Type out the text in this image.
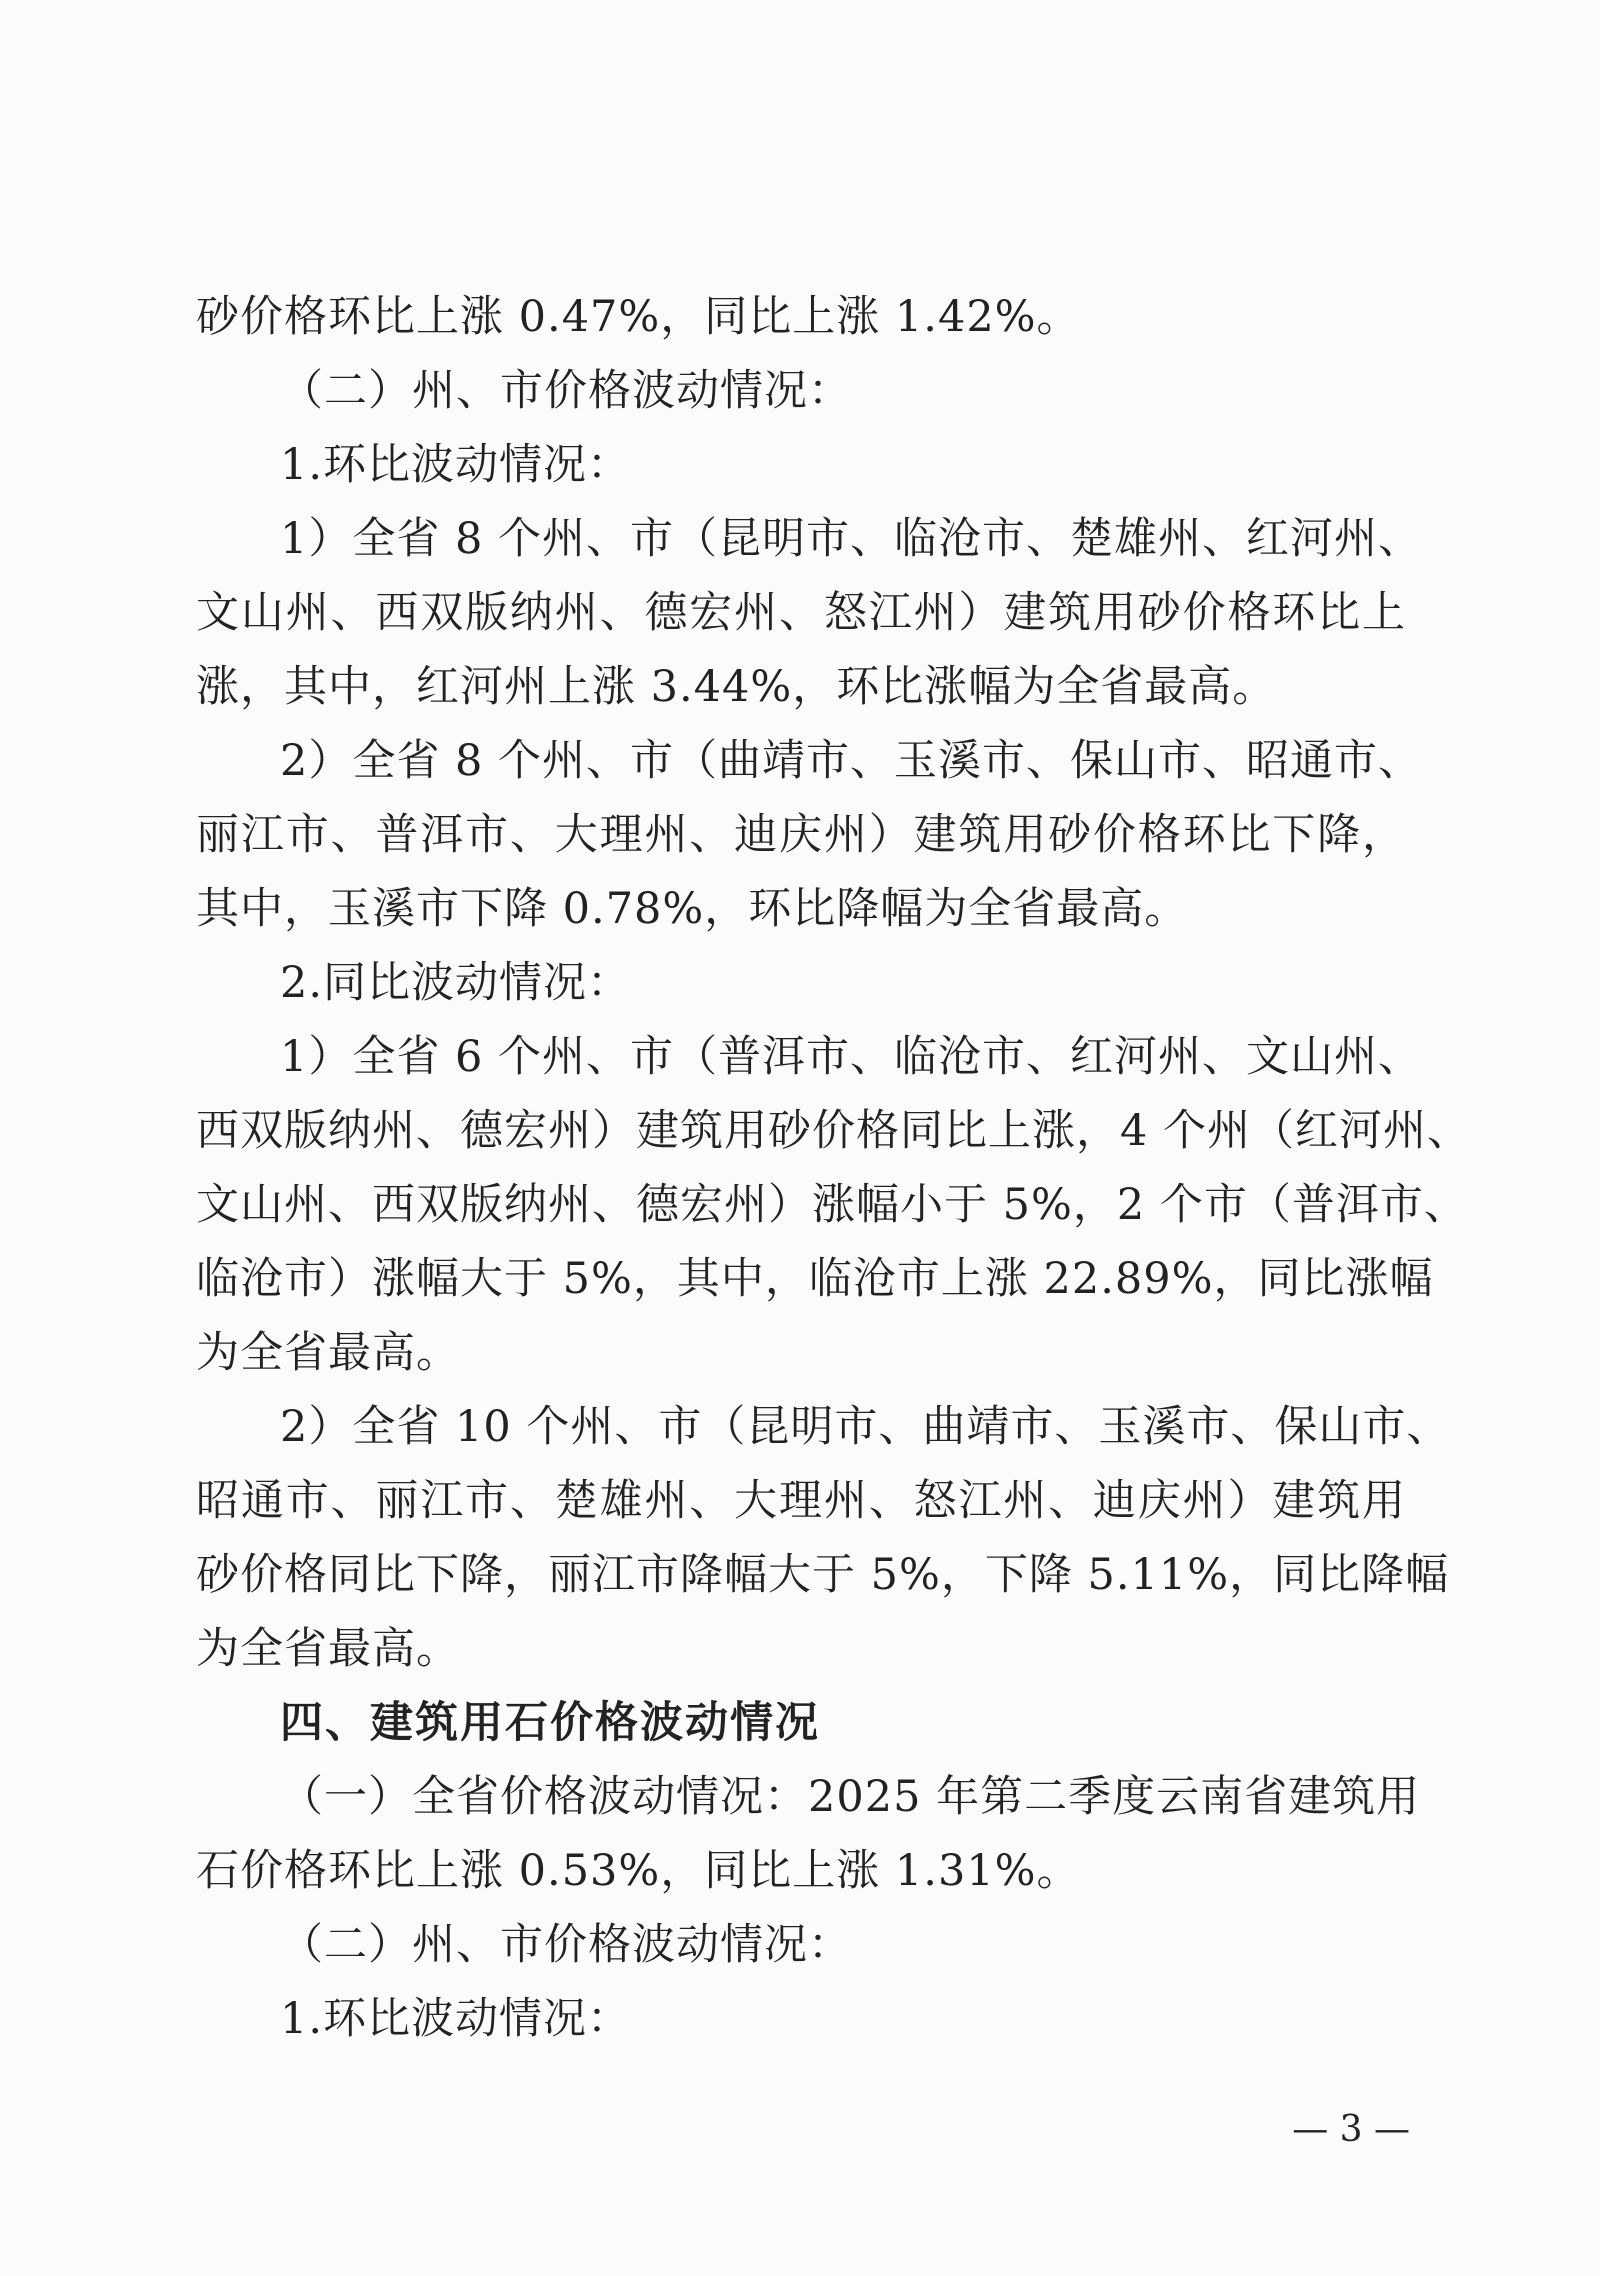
砂价格环比上涨 0.47%，同比上涨 1.42%。
（二）州、市价格波动情况：
1.环比波动情况：
1）全省 8 个州、市（昆明市、临沧市、楚雄州、红河州、
文山州、西双版纳州、德宏州、怒江州）建筑用砂价格环比上
涨，其中，红河州上涨 3.44%，环比涨幅为全省最高。
2）全省 8 个州、市（曲靖市、玉溪市、保山市、昭通市、
丽江市、普洱市、大理州、迪庆州）建筑用砂价格环比下降，
其中，玉溪市下降 0.78%，环比降幅为全省最高。
2.同比波动情况：
1）全省 6 个州、市（普洱市、临沧市、红河州、文山州、
西双版纳州、德宏州）建筑用砂价格同比上涨，4 个州（红河州、
文山州、西双版纳州、德宏州）涨幅小于 5%，2 个市（普洱市、
临沧市）涨幅大于 5%，其中，临沧市上涨 22.89%，同比涨幅
为全省最高。
2）全省 10 个州、市（昆明市、曲靖市、玉溪市、保山市、
昭通市、丽江市、楚雄州、大理州、怒江州、迪庆州）建筑用
砂价格同比下降，丽江市降幅大于 5%，下降 5.11%，同比降幅
为全省最高。
四、建筑用石价格波动情况
（一）全省价格波动情况：2025 年第二季度云南省建筑用
石价格环比上涨 0.53%，同比上涨 1.31%。
（二）州、市价格波动情况：
1.环比波动情况：
— 3 —
